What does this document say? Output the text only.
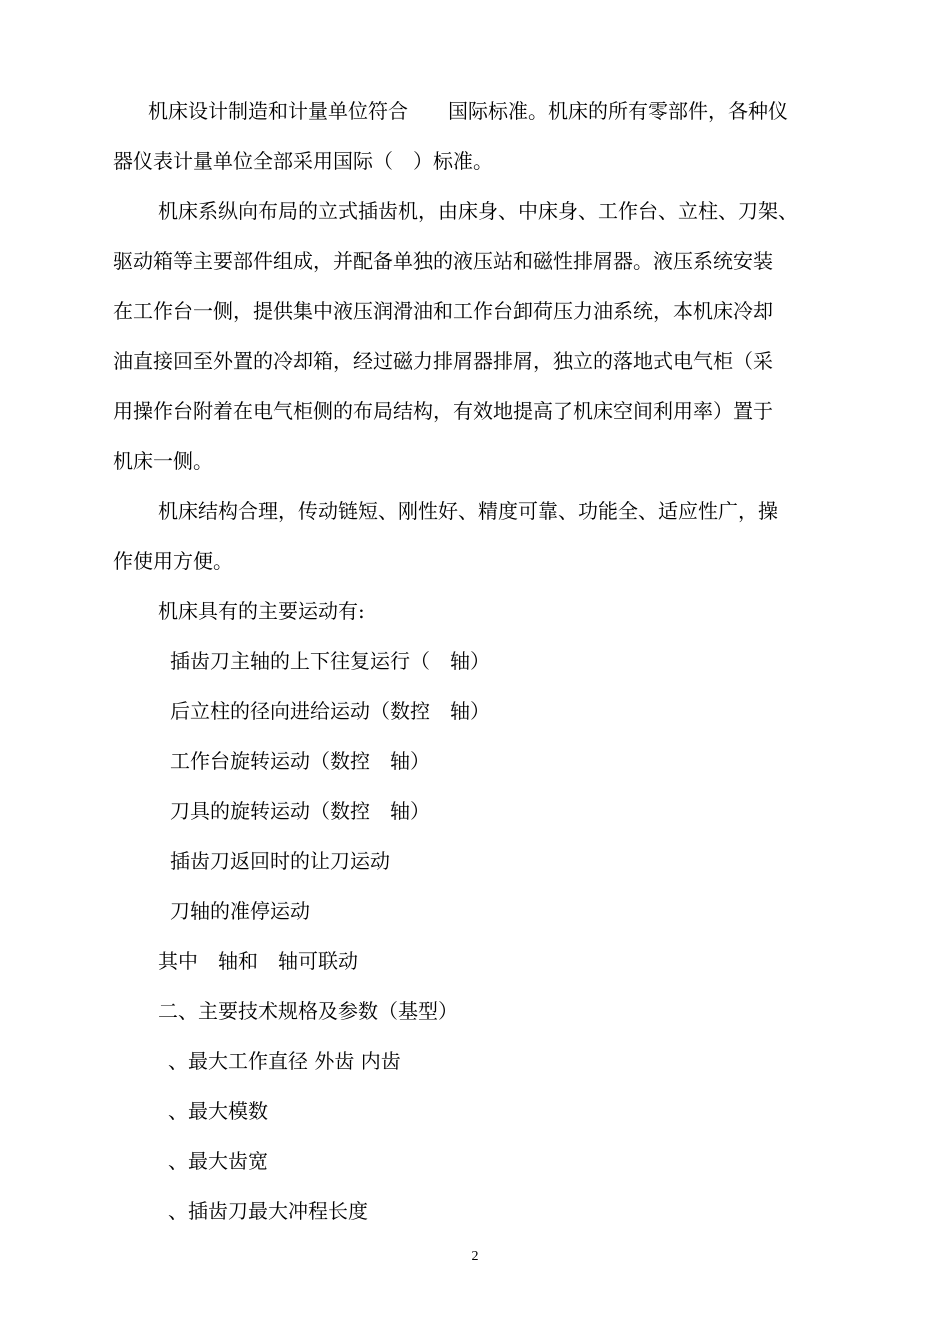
机床设计制造和计量单位符合　　国际标准。机床的所有零部件，各种仪
器仪表计量单位全部采用国际（　）标准。
机床系纵向布局的立式插齿机，由床身、中床身、工作台、立柱、刀架、
驱动箱等主要部件组成，并配备单独的液压站和磁性排屑器。液压系统安装
在工作台一侧，提供集中液压润滑油和工作台卸荷压力油系统，本机床冷却
油直接回至外置的冷却箱，经过磁力排屑器排屑，独立的落地式电气柜（采
用操作台附着在电气柜侧的布局结构，有效地提高了机床空间利用率）置于
机床一侧。
机床结构合理，传动链短、刚性好、精度可靠、功能全、适应性广，操
作使用方便。
机床具有的主要运动有:
插齿刀主轴的上下往复运行（　轴）
后立柱的径向进给运动（数控　轴）
工作台旋转运动（数控　轴）
刀具的旋转运动（数控　轴）
插齿刀返回时的让刀运动
刀轴的准停运动
其中　轴和　轴可联动
二、主要技术规格及参数（基型）
、最大工作直径 外齿 内齿
、最大模数
、最大齿宽
、插齿刀最大冲程长度
2
